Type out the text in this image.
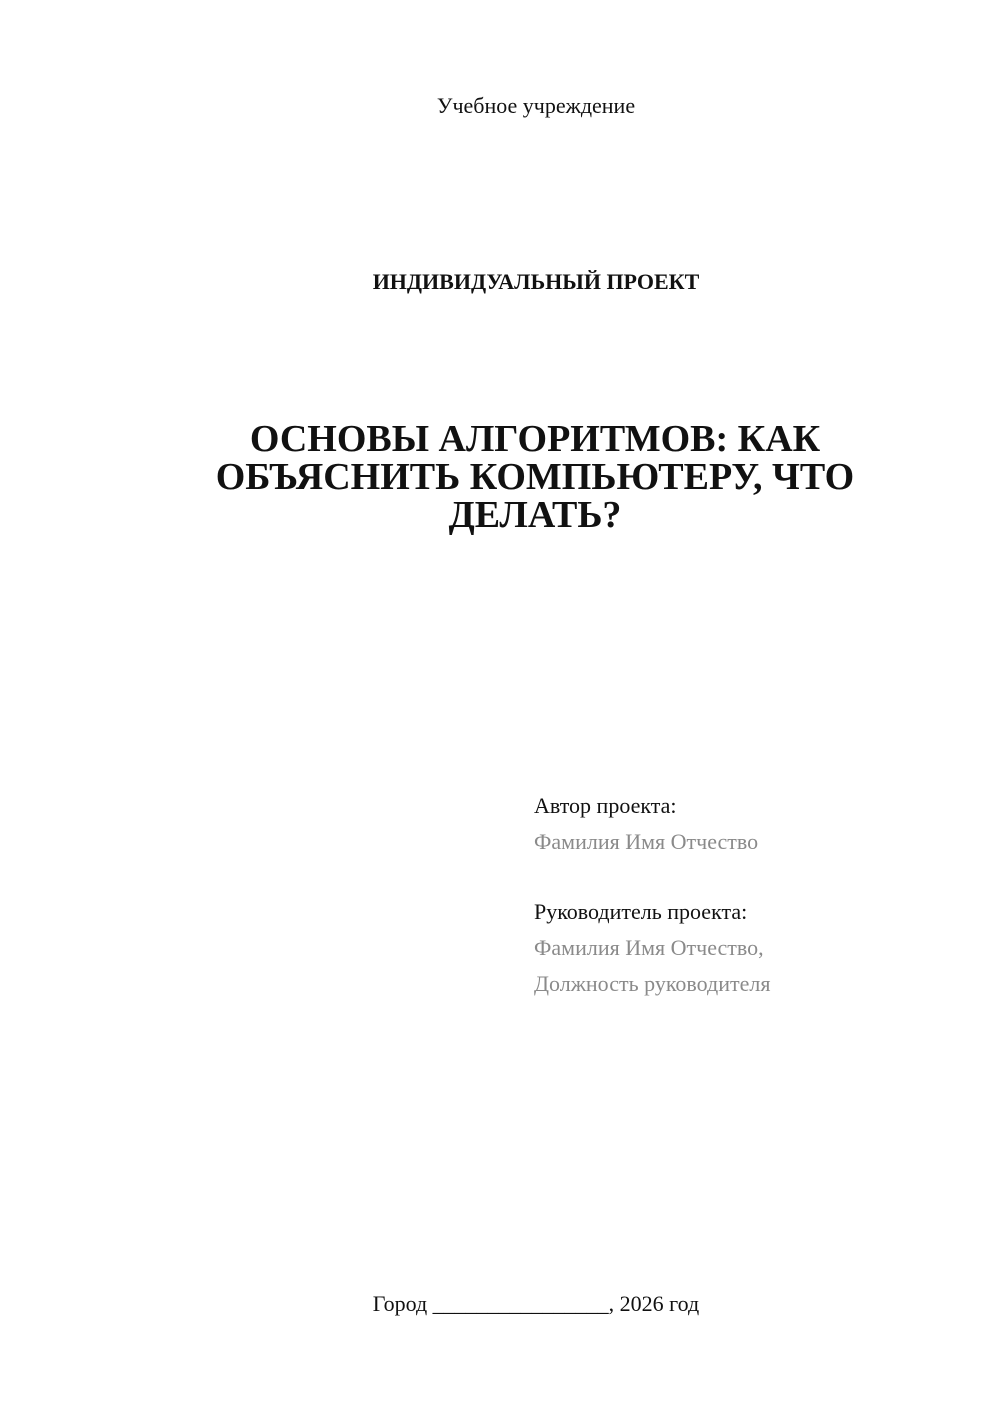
Учебное учреждение
ИНДИВИДУАЛЬНЫЙ ПРОЕКТ
ОСНОВЫ АЛГОРИТМОВ: КАК
ОБЪЯСНИТЬ КОМПЬЮТЕРУ, ЧТО
ДЕЛАТЬ?
Автор проекта:
Фамилия Имя Отчество
Руководитель проекта:
Фамилия Имя Отчество,
Должность руководителя
Город ________________, 2026 год
